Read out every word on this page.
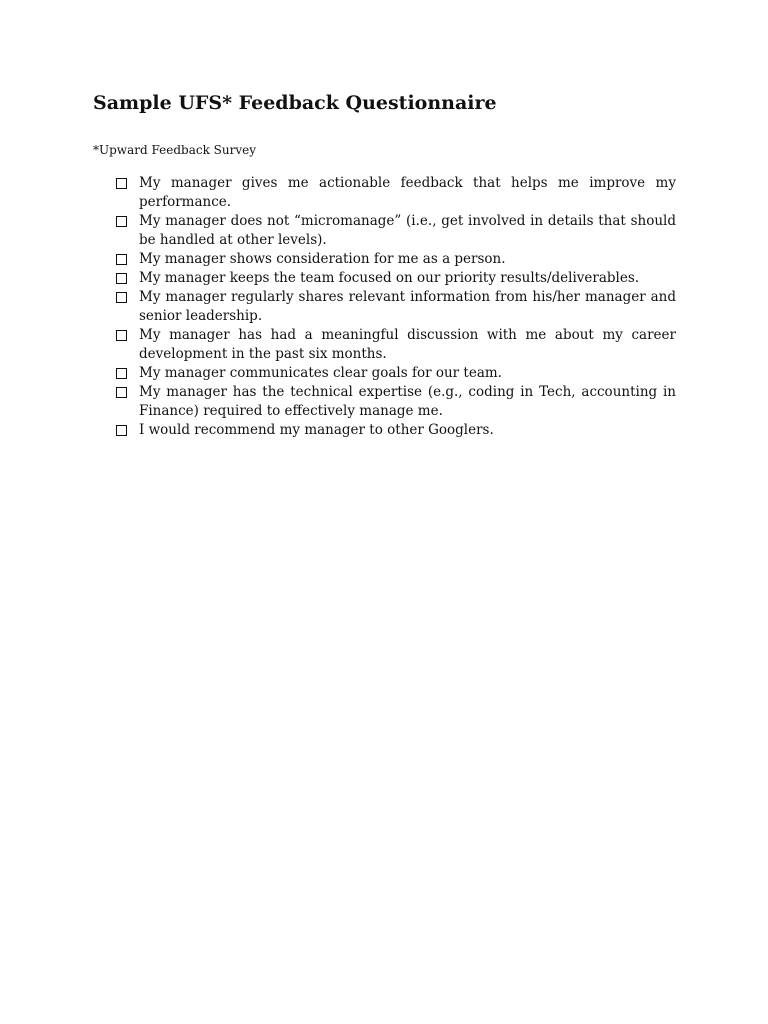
Sample UFS* Feedback Questionnaire

*Upward Feedback Survey

My manager gives me actionable feedback that helps me improve my performance.
My manager does not “micromanage” (i.e., get involved in details that should be handled at other levels).
My manager shows consideration for me as a person.
My manager keeps the team focused on our priority results/deliverables.
My manager regularly shares relevant information from his/her manager and senior leadership.
My manager has had a meaningful discussion with me about my career development in the past six months.
My manager communicates clear goals for our team.
My manager has the technical expertise (e.g., coding in Tech, accounting in Finance) required to effectively manage me.
I would recommend my manager to other Googlers.
